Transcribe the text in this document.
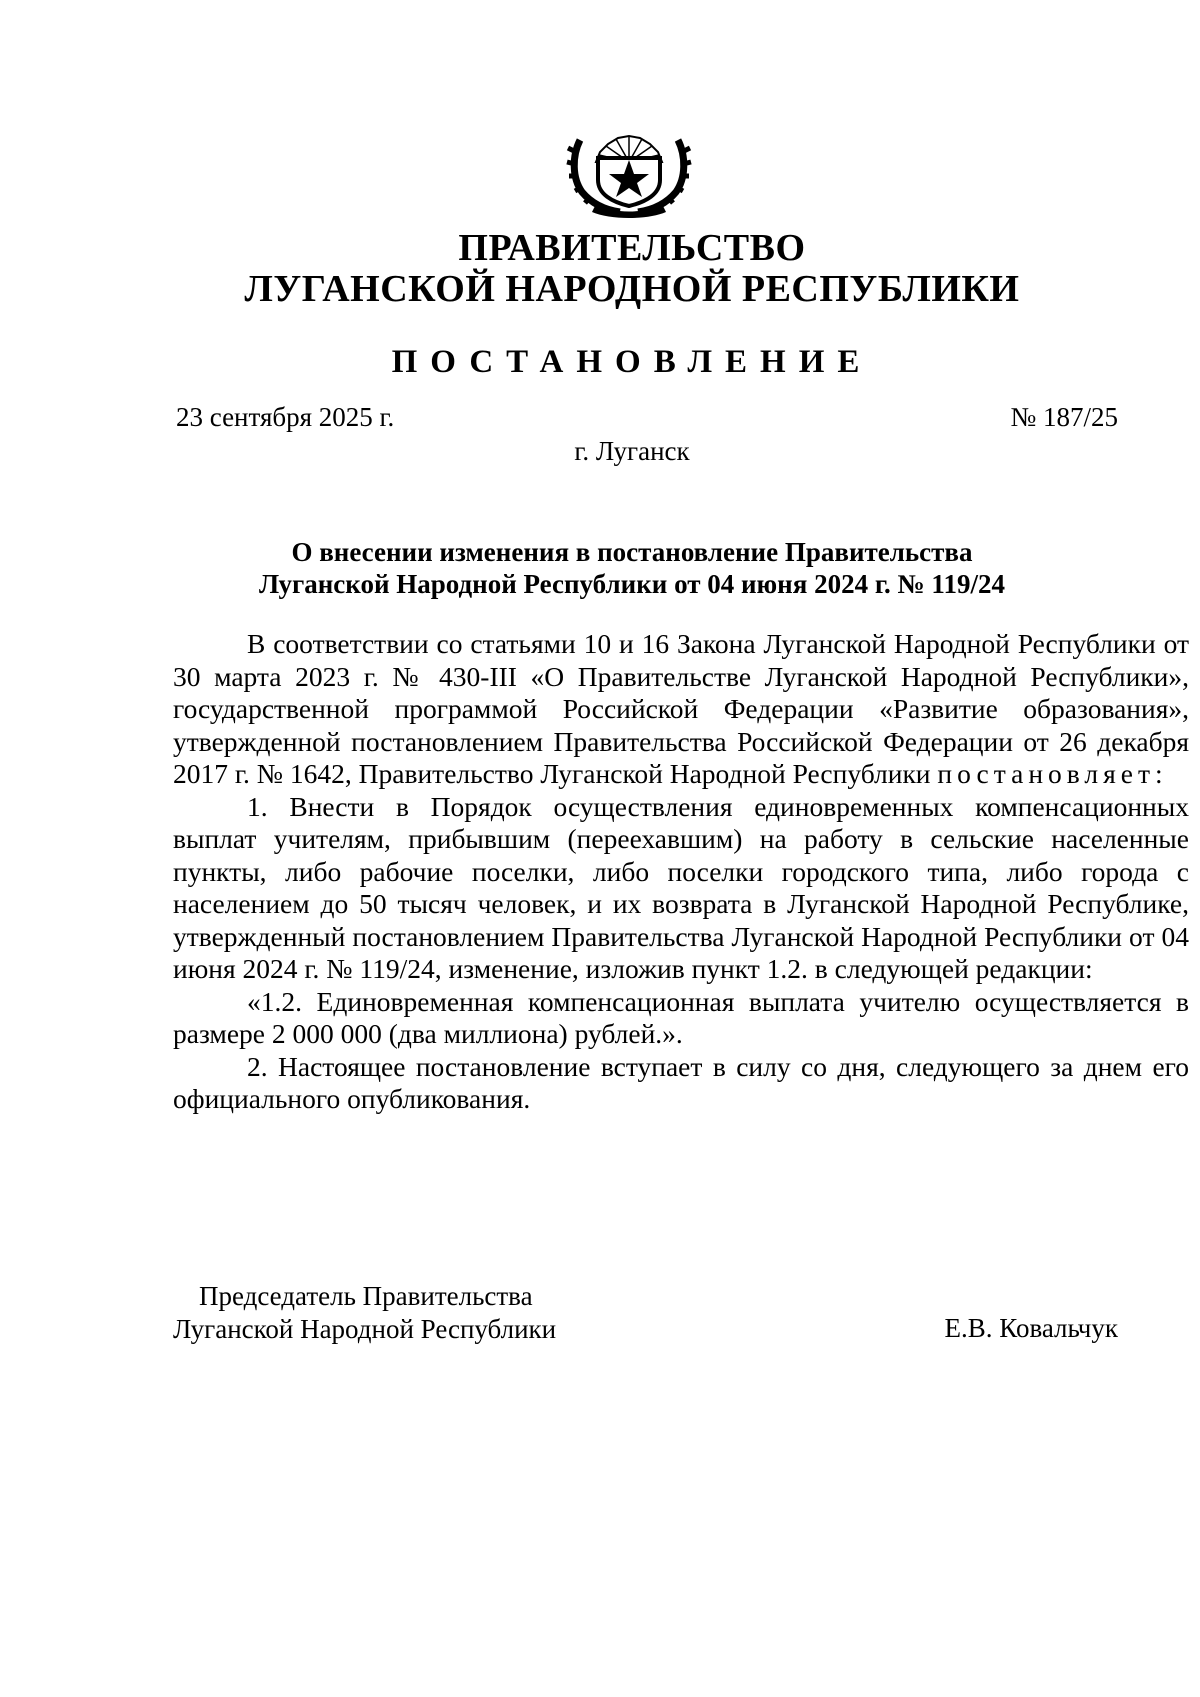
ПРАВИТЕЛЬСТВО
ЛУГАНСКОЙ НАРОДНОЙ РЕСПУБЛИКИ
ПОСТАНОВЛЕНИЕ
23 сентября 2025 г.	№ 187/25
г. Луганск
О внесении изменения в постановление Правительства
Луганской Народной Республики от 04 июня 2024 г. № 119/24

В соответствии со статьями 10 и 16 Закона Луганской Народной Республики от 30 марта 2023 г. № 430-III «О Правительстве Луганской Народной Республики», государственной программой Российской Федерации «Развитие образования», утвержденной постановлением Правительства Российской Федерации от 26 декабря 2017 г. № 1642, Правительство Луганской Народной Республики постановляет:

1. Внести в Порядок осуществления единовременных компенсационных выплат учителям, прибывшим (переехавшим) на работу в сельские населенные пункты, либо рабочие поселки, либо поселки городского типа, либо города с населением до 50 тысяч человек, и их возврата в Луганской Народной Республике, утвержденный постановлением Правительства Луганской Народной Республики от 04 июня 2024 г. № 119/24, изменение, изложив пункт 1.2. в следующей редакции:

«1.2. Единовременная компенсационная выплата учителю осуществляется в размере 2 000 000 (два миллиона) рублей.».

2. Настоящее постановление вступает в силу со дня, следующего за днем его официального опубликования.

Председатель Правительства
Луганской Народной Республики	Е.В. Ковальчук
